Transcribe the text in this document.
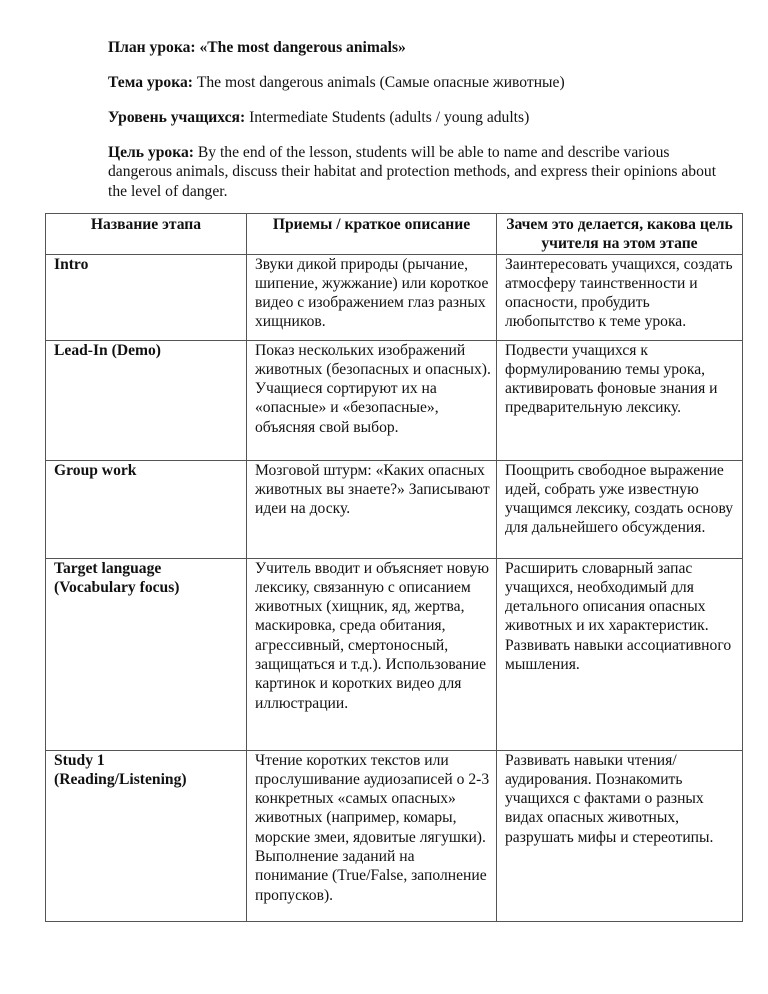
План урока: «The most dangerous animals»

Тема урока: The most dangerous animals (Самые опасные животные)

Уровень учащихся: Intermediate Students (adults / young adults)

Цель урока: By the end of the lesson, students will be able to name and describe various dangerous animals, discuss their habitat and protection methods, and express their opinions about the level of danger.

Название этапа	Приемы / краткое описание	Зачем это делается, какова цель учителя на этом этапе
Intro	Звуки дикой природы (рычание, шипение, жужжание) или короткое видео с изображением глаз разных хищников.	Заинтересовать учащихся, создать атмосферу таинственности и опасности, пробудить любопытство к теме урока.
Lead-In (Demo)	Показ нескольких изображений животных (безопасных и опасных). Учащиеся сортируют их на «опасные» и «безопасные», объясняя свой выбор.	Подвести учащихся к формулированию темы урока, активировать фоновые знания и предварительную лексику.
Group work	Мозговой штурм: «Каких опасных животных вы знаете?» Записывают идеи на доску.	Поощрить свободное выражение идей, собрать уже известную учащимся лексику, создать основу для дальнейшего обсуждения.
Target language (Vocabulary focus)	Учитель вводит и объясняет новую лексику, связанную с описанием животных (хищник, яд, жертва, маскировка, среда обитания, агрессивный, смертоносный, защищаться и т.д.). Использование картинок и коротких видео для иллюстрации.	Расширить словарный запас учащихся, необходимый для детального описания опасных животных и их характеристик. Развивать навыки ассоциативного мышления.
Study 1 (Reading/Listening)	Чтение коротких текстов или прослушивание аудиозаписей о 2-3 конкретных «самых опасных» животных (например, комары, морские змеи, ядовитые лягушки). Выполнение заданий на понимание (True/False, заполнение пропусков).	Развивать навыки чтения/аудирования. Познакомить учащихся с фактами о разных видах опасных животных, разрушать мифы и стереотипы.
